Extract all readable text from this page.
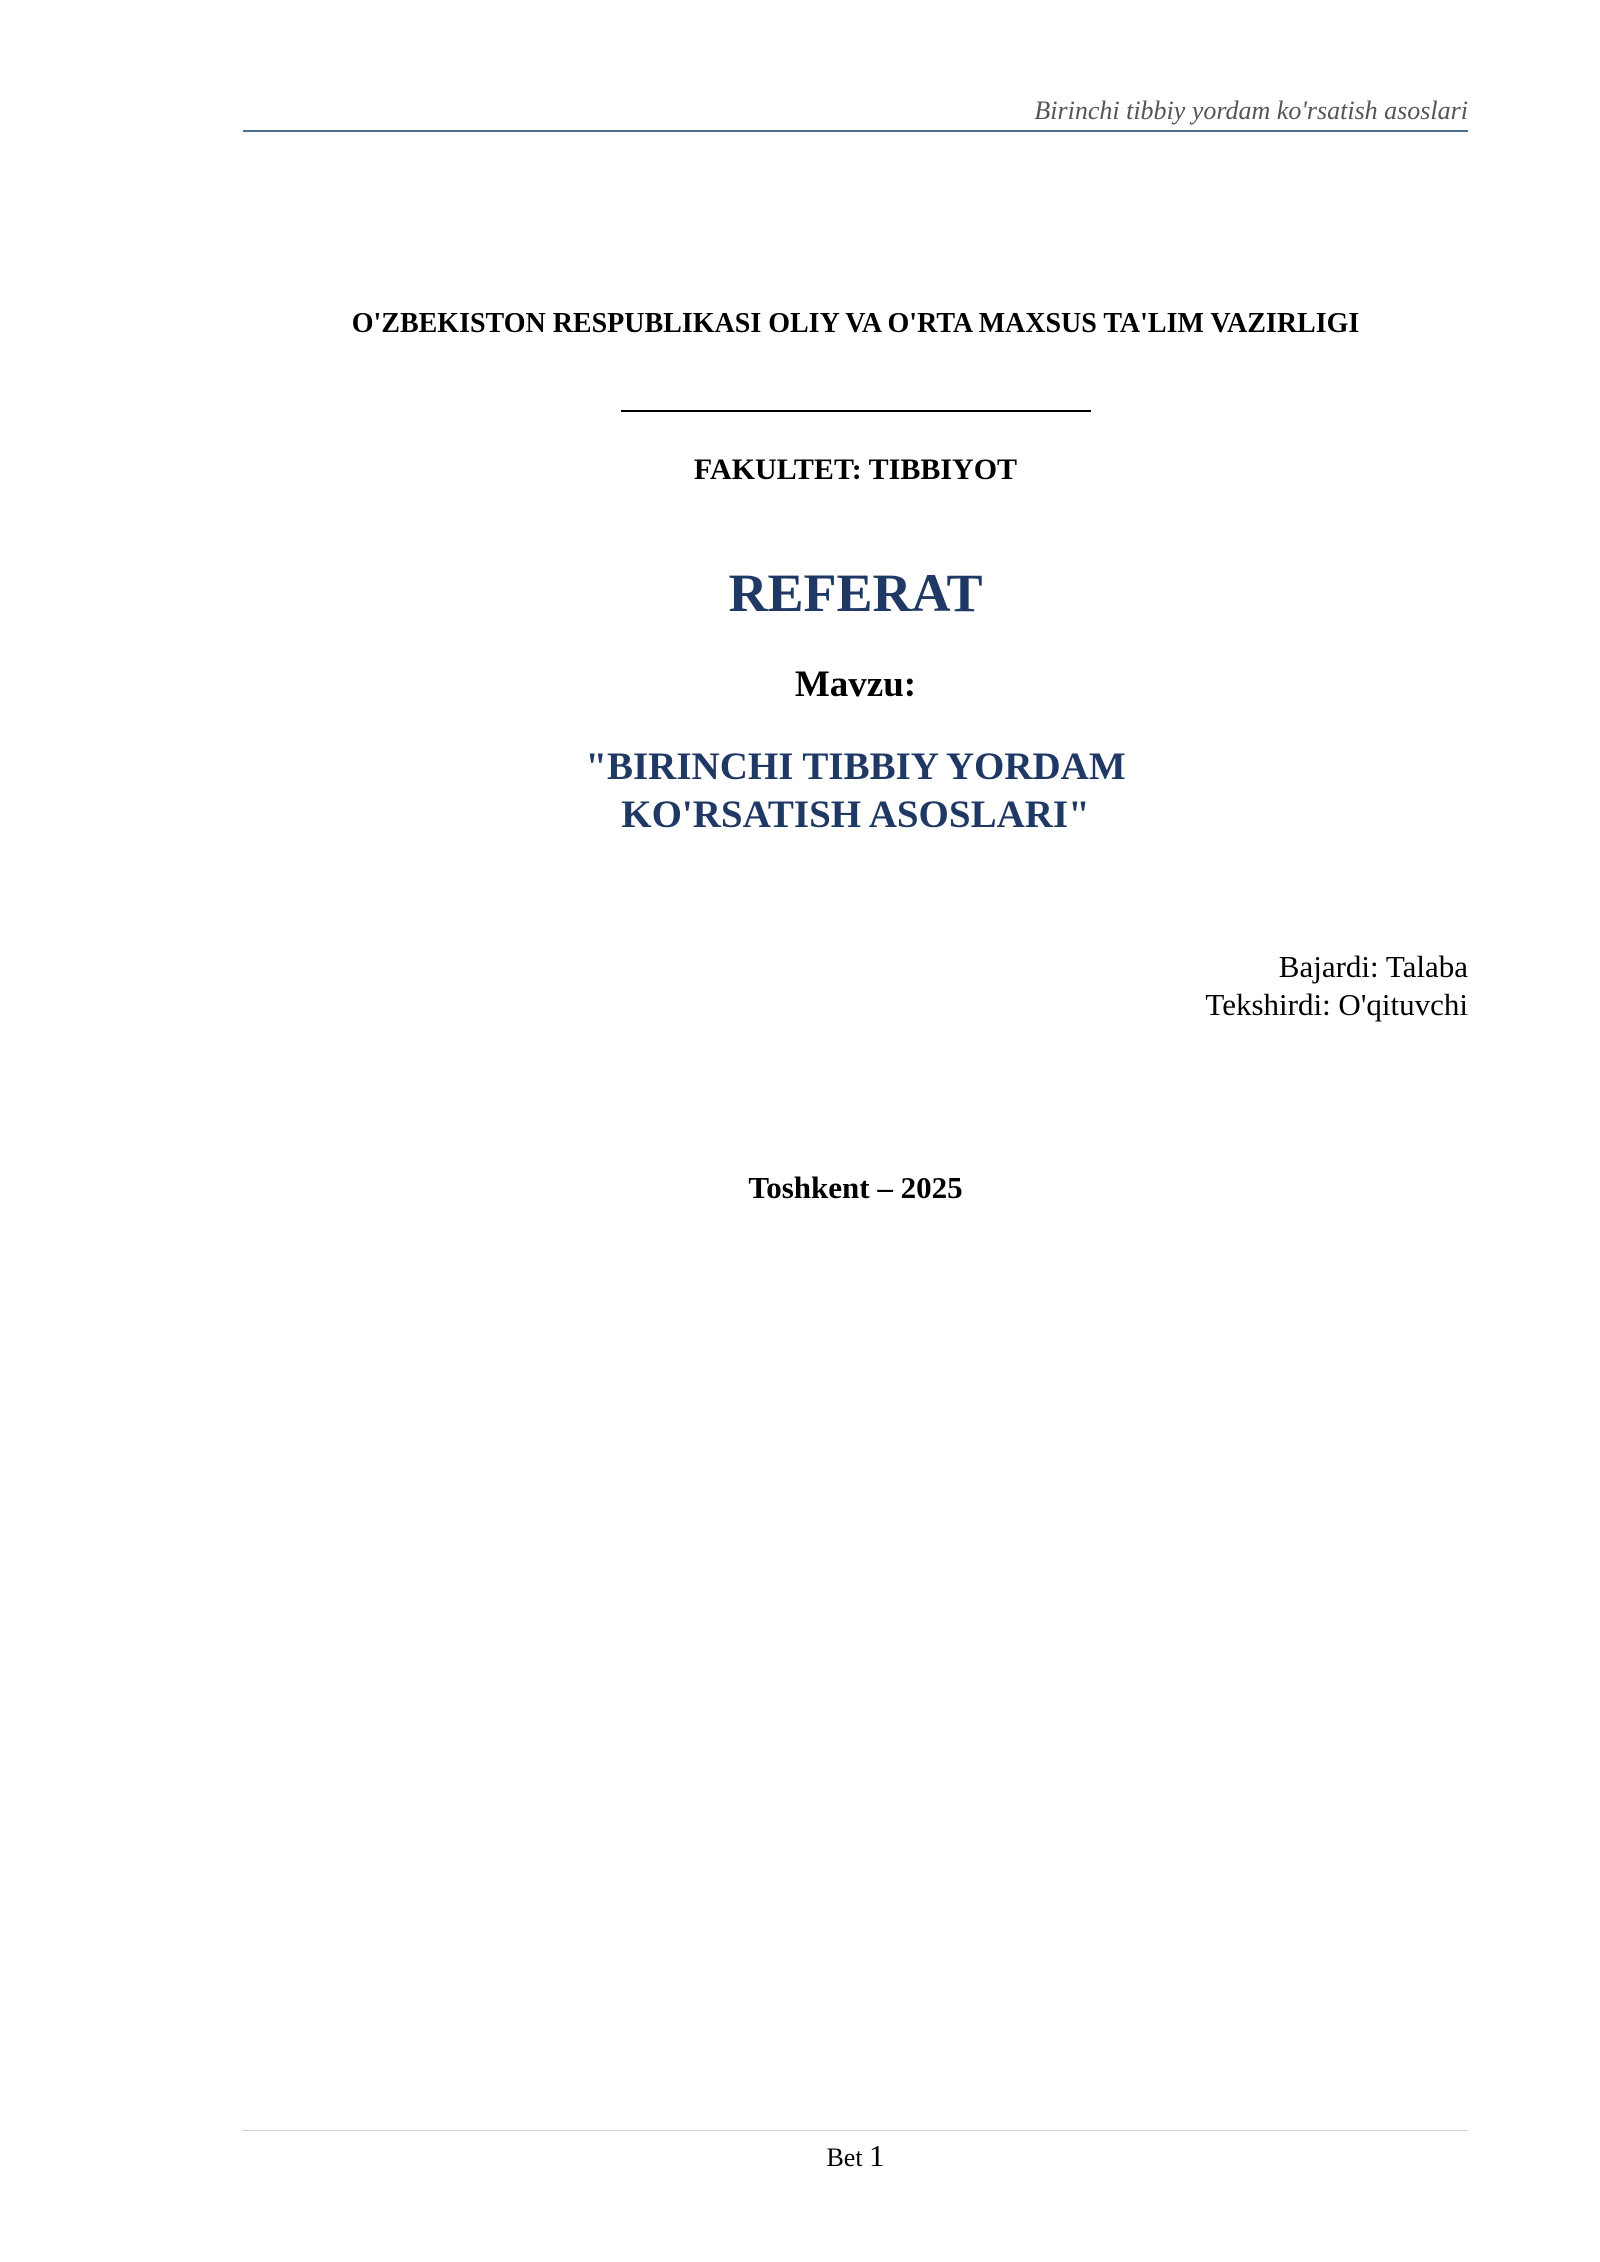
Birinchi tibbiy yordam ko'rsatish asoslari
O'ZBEKISTON RESPUBLIKASI OLIY VA O'RTA MAXSUS TA'LIM VAZIRLIGI
FAKULTET: TIBBIYOT
REFERAT
Mavzu:
"BIRINCHI TIBBIY YORDAM
KO'RSATISH ASOSLARI"
Bajardi: Talaba
Tekshirdi: O'qituvchi
Toshkent – 2025
Bet 1
